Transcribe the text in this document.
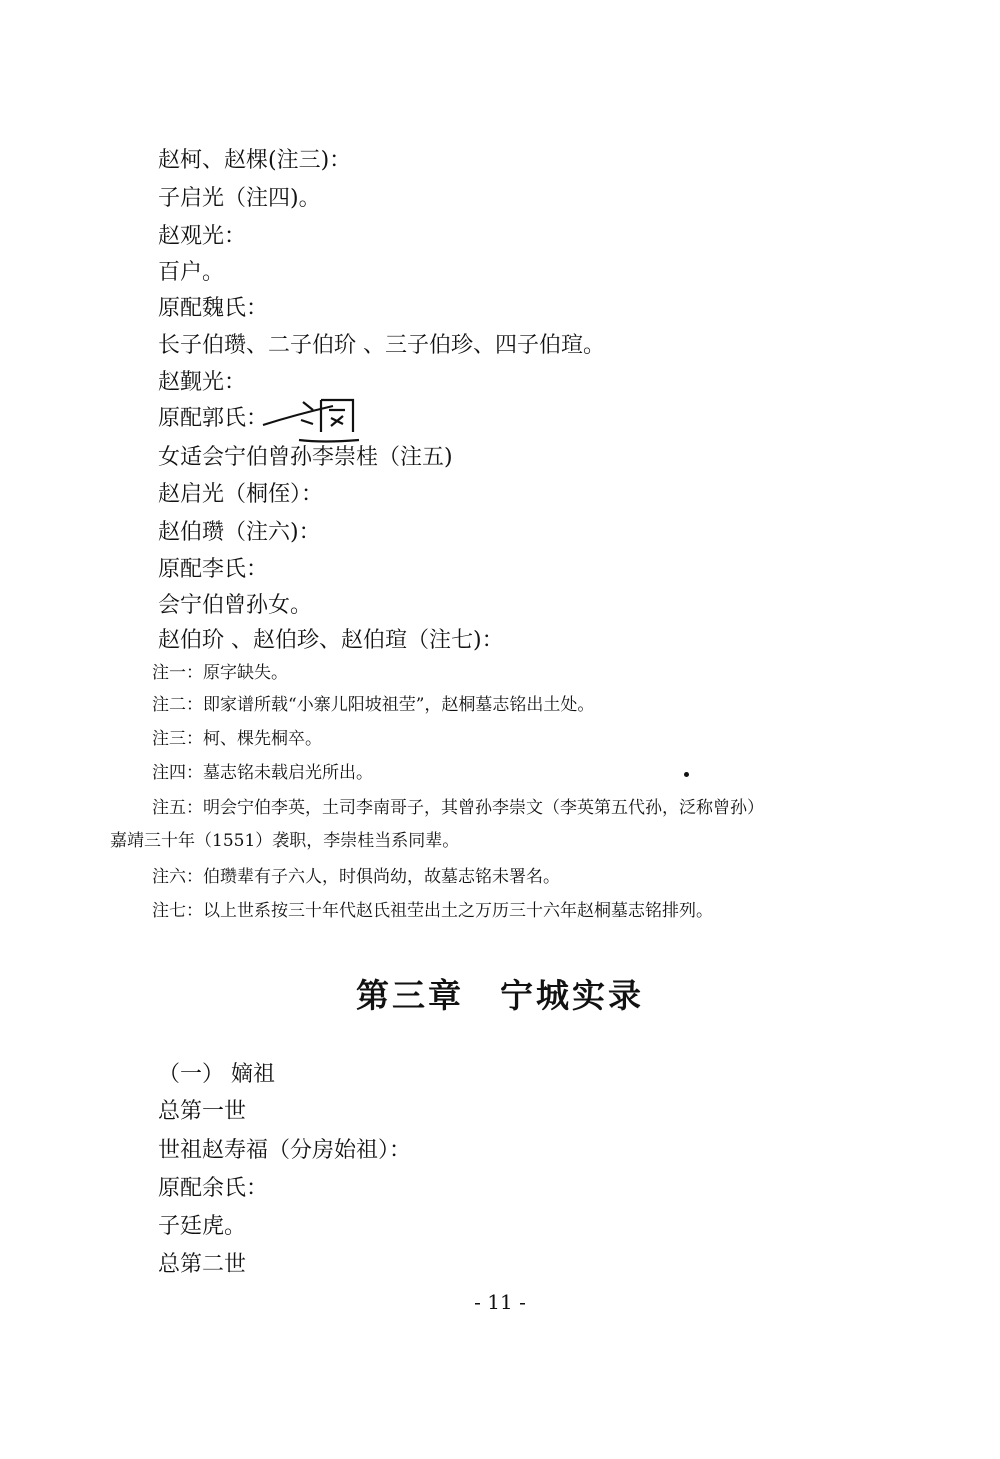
赵柯、赵棵(注三)：
子启光（注四)。
赵观光：
百户。
原配魏氏：
长子伯瓒、二子伯玠 、三子伯珍、四子伯瑄。
赵觐光：
原配郭氏：
女适会宁伯曾孙李崇桂（注五)
赵启光（桐侄）：
赵伯瓒（注六)：
原配李氏：
会宁伯曾孙女。
赵伯玠 、赵伯珍、赵伯瑄（注七)：
注一：原字缺失。
注二：即家谱所载“小寨儿阳坡祖茔”，赵桐墓志铭出土处。
注三：柯、棵先桐卒。
注四：墓志铭未载启光所出。
注五：明会宁伯李英，土司李南哥子，其曾孙李崇文（李英第五代孙，泛称曾孙）
嘉靖三十年（1551）袭职，李崇桂当系同辈。
注六：伯瓒辈有子六人，时俱尚幼，故墓志铭未署名。
注七：以上世系按三十年代赵氏祖茔出土之万历三十六年赵桐墓志铭排列。
第三章　宁城实录
（一） 嫡祖
总第一世
世祖赵寿福（分房始祖）：
原配余氏：
子廷虎。
总第二世
- 11 -
